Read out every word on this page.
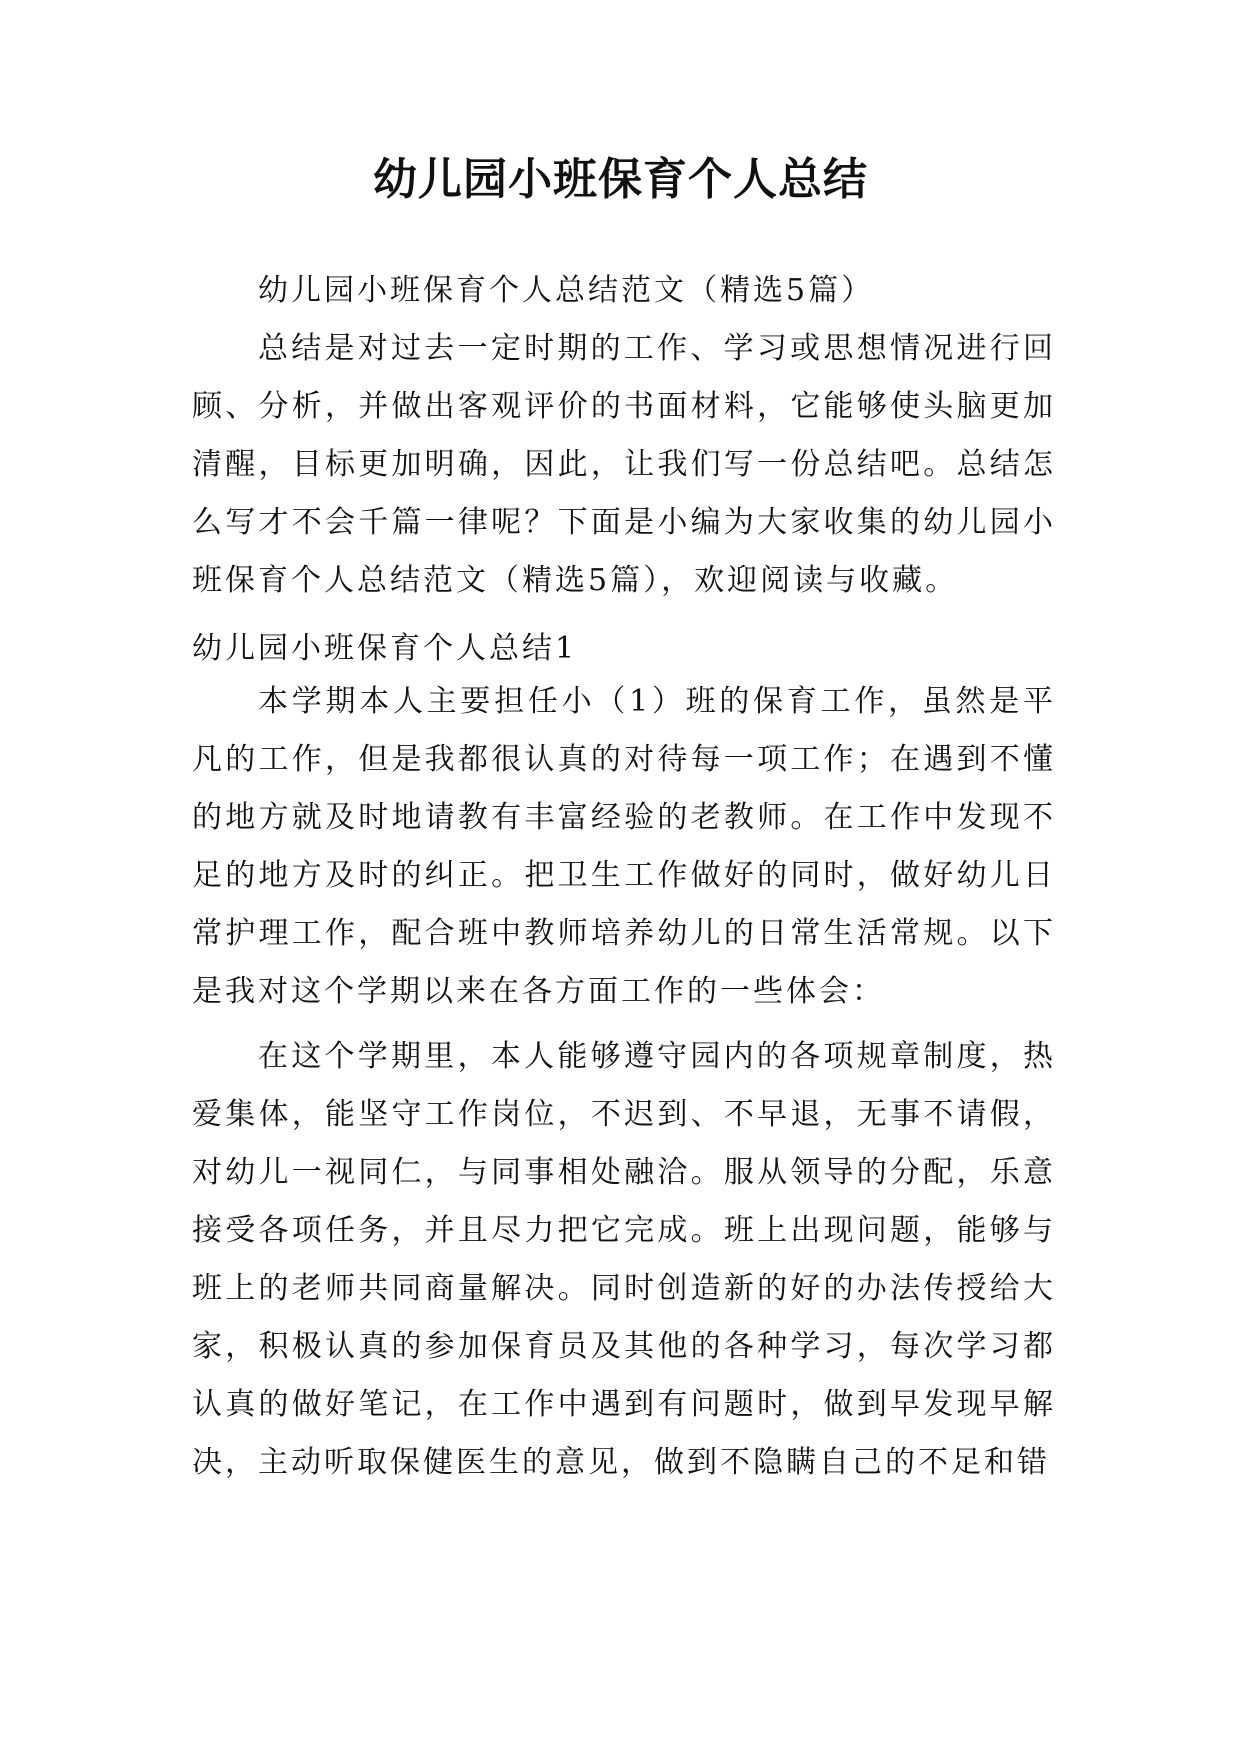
幼儿园小班保育个人总结

幼儿园小班保育个人总结范文（精选5篇）

总结是对过去一定时期的工作、学习或思想情况进行回顾、分析，并做出客观评价的书面材料，它能够使头脑更加清醒，目标更加明确，因此，让我们写一份总结吧。总结怎么写才不会千篇一律呢？下面是小编为大家收集的幼儿园小班保育个人总结范文（精选5篇），欢迎阅读与收藏。

幼儿园小班保育个人总结1

本学期本人主要担任小（1）班的保育工作，虽然是平凡的工作，但是我都很认真的对待每一项工作；在遇到不懂的地方就及时地请教有丰富经验的老教师。在工作中发现不足的地方及时的纠正。把卫生工作做好的同时，做好幼儿日常护理工作，配合班中教师培养幼儿的日常生活常规。以下是我对这个学期以来在各方面工作的一些体会：

在这个学期里，本人能够遵守园内的各项规章制度，热爱集体，能坚守工作岗位，不迟到、不早退，无事不请假，对幼儿一视同仁，与同事相处融洽。服从领导的分配，乐意接受各项任务，并且尽力把它完成。班上出现问题，能够与班上的老师共同商量解决。同时创造新的好的办法传授给大家，积极认真的参加保育员及其他的各种学习，每次学习都认真的做好笔记，在工作中遇到有问题时，做到早发现早解决，主动听取保健医生的意见，做到不隐瞒自己的不足和错
